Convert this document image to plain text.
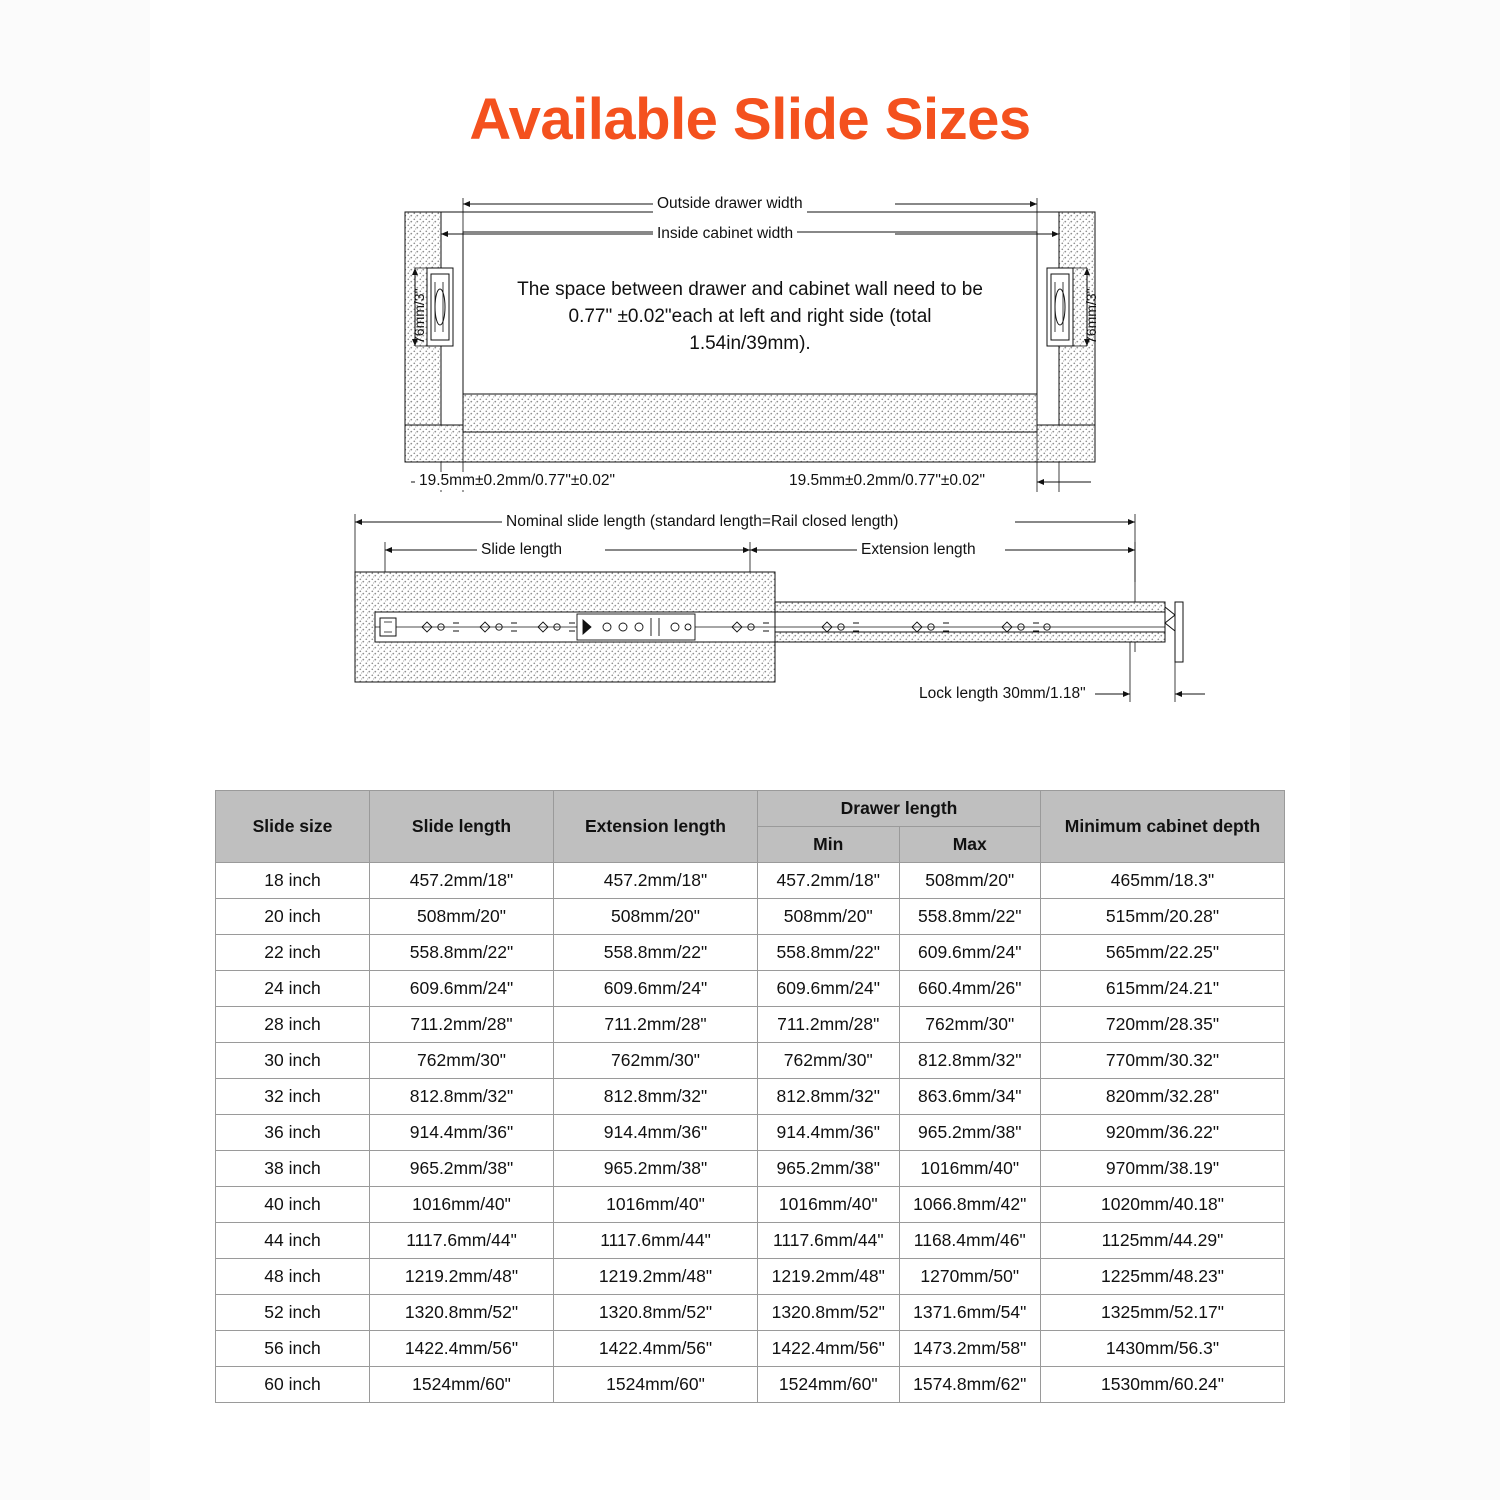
Available Slide Sizes
Outside drawer width
Inside cabinet width
The space between drawer and cabinet wall need to be 0.77" ±0.02"each at left and right side (total 1.54in/39mm).
76mm/3"	76mm/3"
19.5mm±0.2mm/0.77"±0.02"	19.5mm±0.2mm/0.77"±0.02"
Nominal slide length (standard length=Rail closed length)
Slide length	Extension length
Lock length 30mm/1.18"
Slide size	Slide length	Extension length	Drawer length		Minimum cabinet depth
			Min	Max	
18 inch	457.2mm/18"	457.2mm/18"	457.2mm/18"	508mm/20"	465mm/18.3"
20 inch	508mm/20"	508mm/20"	508mm/20"	558.8mm/22"	515mm/20.28"
22 inch	558.8mm/22"	558.8mm/22"	558.8mm/22"	609.6mm/24"	565mm/22.25"
24 inch	609.6mm/24"	609.6mm/24"	609.6mm/24"	660.4mm/26"	615mm/24.21"
28 inch	711.2mm/28"	711.2mm/28"	711.2mm/28"	762mm/30"	720mm/28.35"
30 inch	762mm/30"	762mm/30"	762mm/30"	812.8mm/32"	770mm/30.32"
32 inch	812.8mm/32"	812.8mm/32"	812.8mm/32"	863.6mm/34"	820mm/32.28"
36 inch	914.4mm/36"	914.4mm/36"	914.4mm/36"	965.2mm/38"	920mm/36.22"
38 inch	965.2mm/38"	965.2mm/38"	965.2mm/38"	1016mm/40"	970mm/38.19"
40 inch	1016mm/40"	1016mm/40"	1016mm/40"	1066.8mm/42"	1020mm/40.18"
44 inch	1117.6mm/44"	1117.6mm/44"	1117.6mm/44"	1168.4mm/46"	1125mm/44.29"
48 inch	1219.2mm/48"	1219.2mm/48"	1219.2mm/48"	1270mm/50"	1225mm/48.23"
52 inch	1320.8mm/52"	1320.8mm/52"	1320.8mm/52"	1371.6mm/54"	1325mm/52.17"
56 inch	1422.4mm/56"	1422.4mm/56"	1422.4mm/56"	1473.2mm/58"	1430mm/56.3"
60 inch	1524mm/60"	1524mm/60"	1524mm/60"	1574.8mm/62"	1530mm/60.24"
